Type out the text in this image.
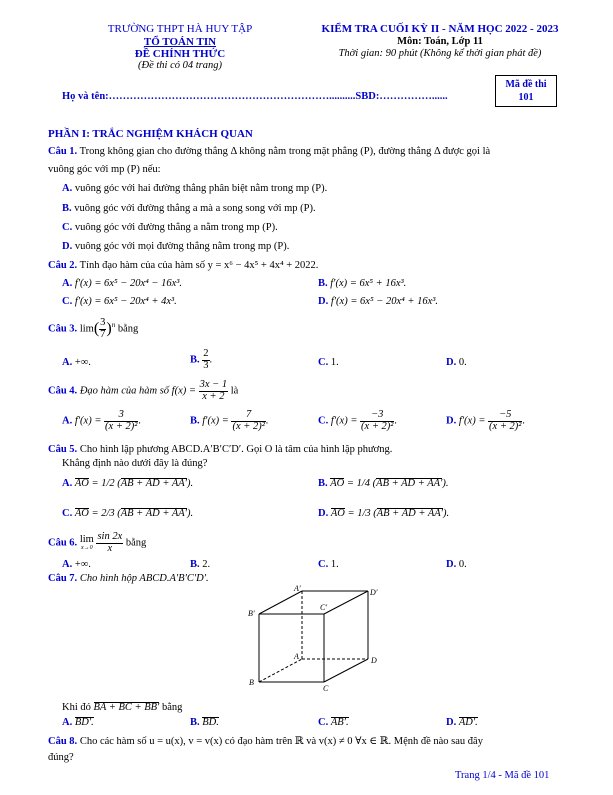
TRƯỜNG THPT HÀ HUY TẬP
TỔ TOÁN TIN
ĐỀ CHÍNH THỨC
(Đề thi có 04 trang)
KIỂM TRA CUỐI KỲ II - NĂM HỌC 2022 - 2023
Môn: Toán, Lớp 11
Thời gian: 90 phút (Không kể thời gian phát đề)
Mã đề thi
101
Họ và tên:………………………………………………………..........SBD:……………......
PHẦN I: TRẮC NGHIỆM KHÁCH QUAN
Câu 1. Trong không gian cho đường thẳng Δ không nằm trong mặt phẳng (P), đường thẳng Δ được gọi là
vuông góc với mp (P) nếu:
A. vuông góc với hai đường thẳng phân biệt nằm trong mp (P).
B. vuông góc với đường thẳng a mà a song song với mp (P).
C. vuông góc với đường thẳng a nằm trong mp (P).
D. vuông góc với mọi đường thẳng nằm trong mp (P).
Câu 2. Tính đạo hàm của của hàm số y = x⁶ − 4x⁵ + 4x⁴ + 2022.
A. f′(x) = 6x⁵ − 20x⁴ − 16x³.	B. f′(x) = 6x⁵ + 16x³.
C. f′(x) = 6x⁵ − 20x⁴ + 4x³.	D. f′(x) = 6x⁵ − 20x⁴ + 16x³.
Câu 3. $\lim( \frac{3}{7} )^n$ bằng
A. +∞.	B. $\frac{2}{3}$ .	C. 1.	D. 0.
Câu 4. Đạo hàm của hàm số $f(x) = \frac{3x - 1}{x + 2}$ là
A. $f'(x) = \frac{3}{\text{(x + 2)²}}$ .	B. $f'(x) = \frac{7}{\text{(x + 2)²}}$ .	C. $f'(x) = \frac{-3}{\text{(x + 2)²}}$ .	D. $f'(x) = \frac{-5}{\text{(x + 2)²}}$ .
Câu 5. Cho hình lập phương ABCD.A′B′C′D′. Gọi O là tâm của hình lập phương.
Khẳng định nào dưới đây là đúng?
A. AO = 1/2 (AB + AD + AA′).	B. AO = 1/4 (AB + AD + AA′).
C. AO = 2/3 (AB + AD + AA′).	D. AO = 1/3 (AB + AD + AA′).
Câu 6. lim
x→0
$\frac{\sin 2x}{x}$ bằng
A. +∞.	B. 2.	C. 1.	D. 0.
Câu 7. Cho hình hộp ABCD.A′B′C′D′.
A′	D′
B′
C′
A	D
B
C
Khi đó BA + BC + BB′ bằng
A. BD′.	B. BD.	C. AB′.	D. AD′.
Câu 8. Cho các hàm số u = u(x), v = v(x) có đạo hàm trên ℝ và v(x) ≠ 0 ∀x ∈ ℝ. Mệnh đề nào sau đây
đúng?
Trang 1/4 - Mã đề 101
